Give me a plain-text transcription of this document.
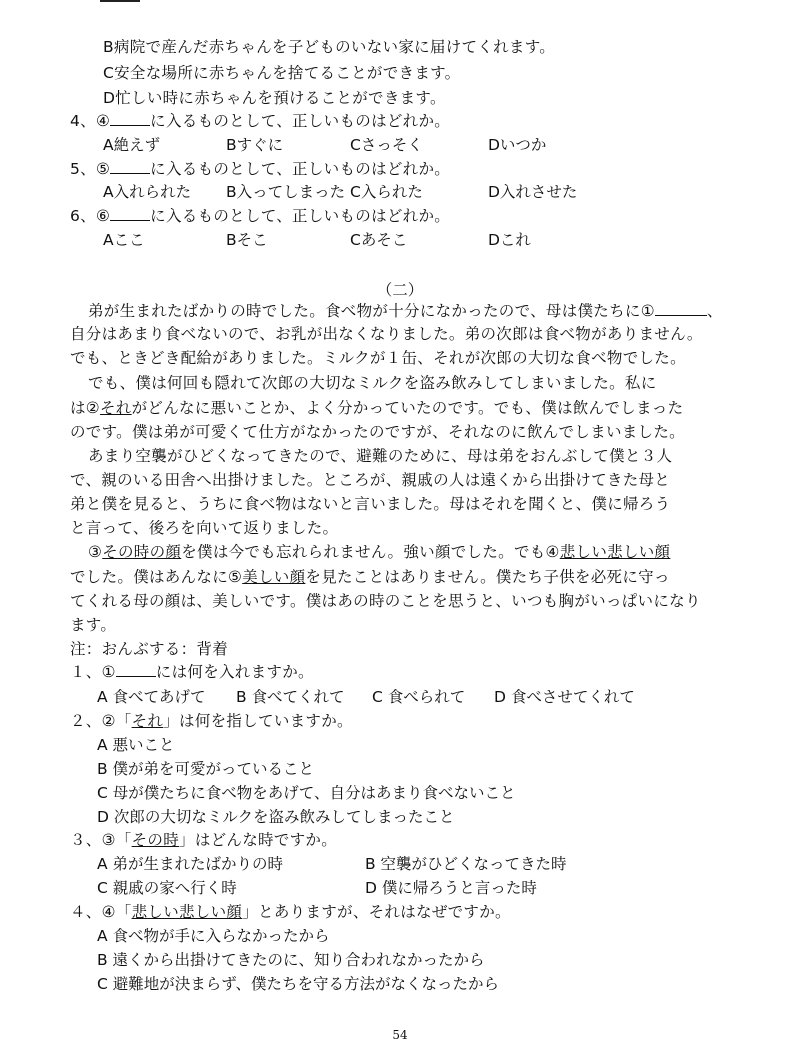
B病院で産んだ赤ちゃんを子どものいない家に届けてくれます。
C安全な場所に赤ちゃんを捨てることができます。
D忙しい時に赤ちゃんを預けることができます。
4、④	に入るものとして、正しいものはどれか。
A絶えず	Bすぐに	Cさっそく	Dいつか
5、⑤	に入るものとして、正しいものはどれか。
A入れられた B入ってしまった C入られた	D入れさせた
6、⑥	に入るものとして、正しいものはどれか。
Aここ	Bそこ	Cあそこ	Dこれ
（二）
弟が生まれたばかりの時でした。食べ物が十分になかったので、母は僕たちに①	、
自分はあまり食べないので、お乳が出なくなりました。弟の次郎は食べ物がありません。
でも、ときどき配給がありました。ミルクが１缶、それが次郎の大切な食べ物でした。
でも、僕は何回も隠れて次郎の大切なミルクを盗み飲みしてしまいました。私に
は②それがどんなに悪いことか、よく分かっていたのです。でも、僕は飲んでしまった
のです。僕は弟が可愛くて仕方がなかったのですが、それなのに飲んでしまいました。
あまり空襲がひどくなってきたので、避難のために、母は弟をおんぶして僕と３人
で、親のいる田舎へ出掛けました。ところが、親戚の人は遠くから出掛けてきた母と
弟と僕を見ると、うちに食べ物はないと言いました。母はそれを聞くと、僕に帰ろう
と言って、後ろを向いて返りました。
③その時の顔を僕は今でも忘れられません。強い顔でした。でも④悲しい悲しい顔
でした。僕はあんなに⑤美しい顔を見たことはありません。僕たち子供を必死に守っ
てくれる母の顔は、美しいです。僕はあの時のことを思うと、いつも胸がいっぱいになり
ます。
注：おんぶする：背着
１、①	には何を入れますか。
A 食べてあげて B 食べてくれて C 食べられて D 食べさせてくれて
２、②「それ」は何を指していますか。
A 悪いこと
B 僕が弟を可愛がっていること
C 母が僕たちに食べ物をあげて、自分はあまり食べないこと
D 次郎の大切なミルクを盗み飲みしてしまったこと
３、③「その時」はどんな時ですか。
A 弟が生まれたばかりの時	B 空襲がひどくなってきた時
C 親戚の家へ行く時	D 僕に帰ろうと言った時
４、④「悲しい悲しい顔」とありますが、それはなぜですか。
A 食べ物が手に入らなかったから
B 遠くから出掛けてきたのに、知り合われなかったから
C 避難地が決まらず、僕たちを守る方法がなくなったから
54
